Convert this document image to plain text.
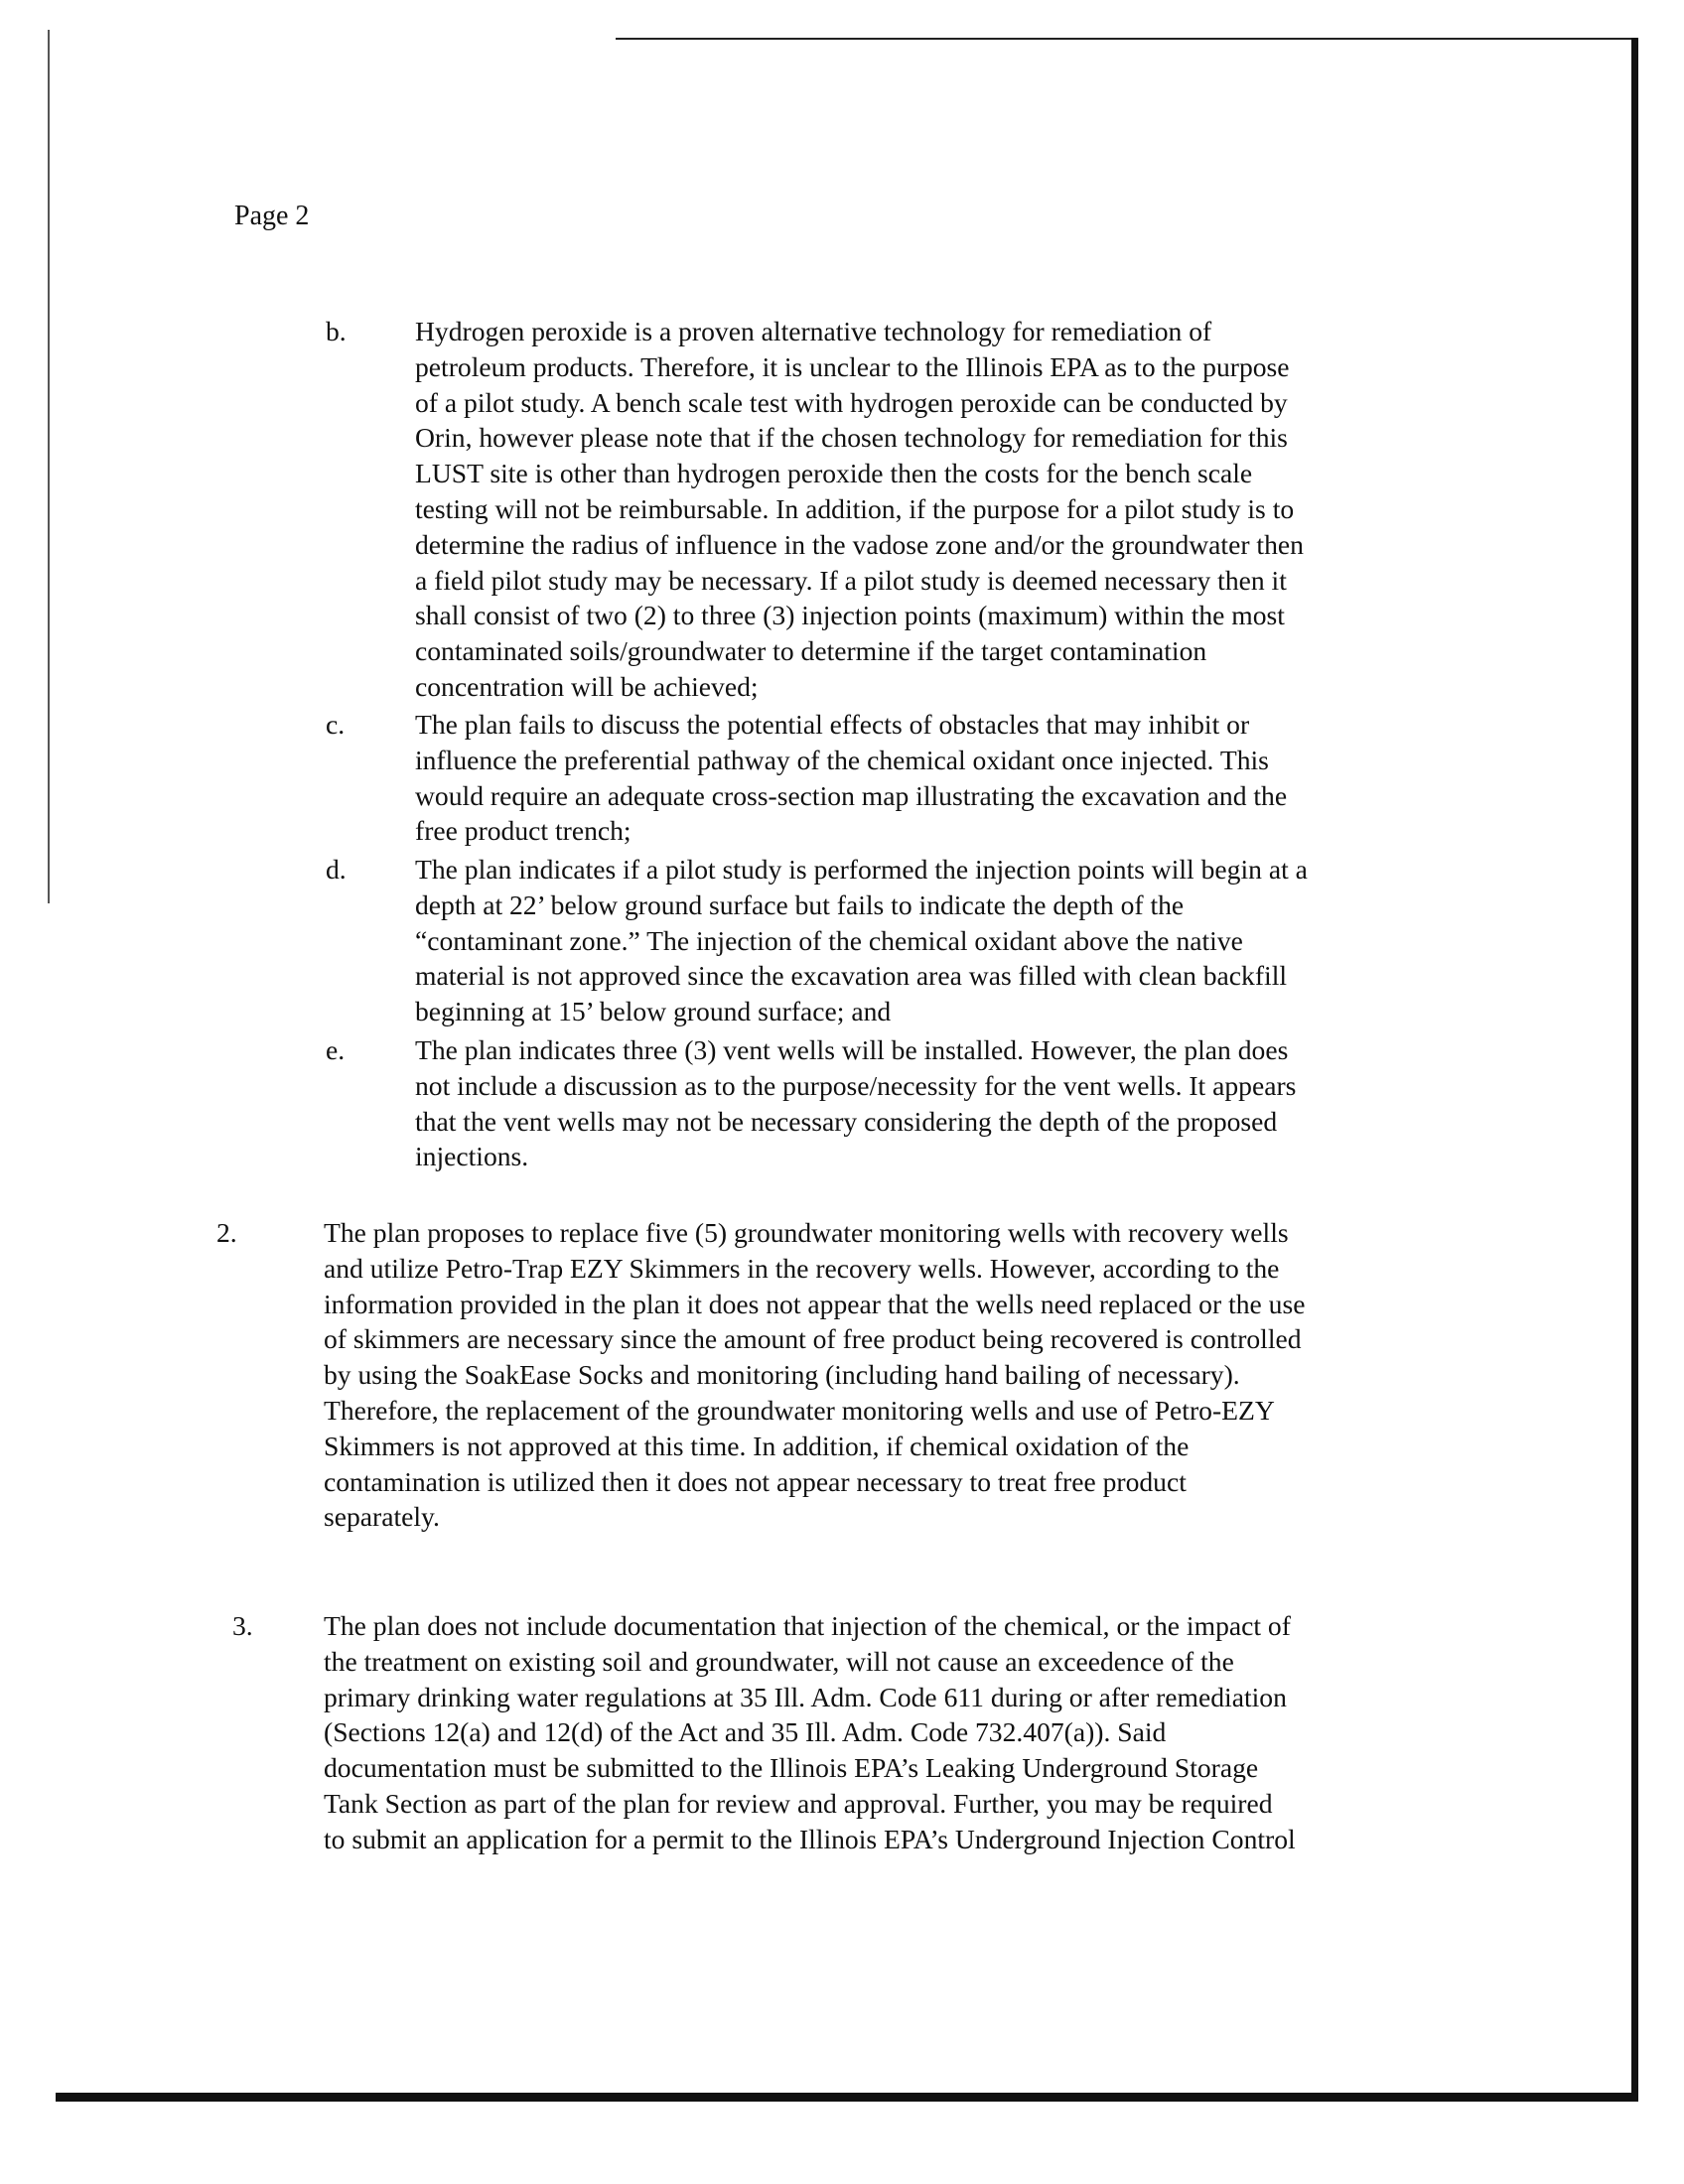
Page 2
b.	Hydrogen peroxide is a proven alternative technology for remediation of
petroleum products. Therefore, it is unclear to the Illinois EPA as to the purpose
of a pilot study. A bench scale test with hydrogen peroxide can be conducted by
Orin, however please note that if the chosen technology for remediation for this
LUST site is other than hydrogen peroxide then the costs for the bench scale
testing will not be reimbursable. In addition, if the purpose for a pilot study is to
determine the radius of influence in the vadose zone and/or the groundwater then
a field pilot study may be necessary. If a pilot study is deemed necessary then it
shall consist of two (2) to three (3) injection points (maximum) within the most
contaminated soils/groundwater to determine if the target contamination
concentration will be achieved;
c.	The plan fails to discuss the potential effects of obstacles that may inhibit or
influence the preferential pathway of the chemical oxidant once injected. This
would require an adequate cross-section map illustrating the excavation and the
free product trench;
d.	The plan indicates if a pilot study is performed the injection points will begin at a
depth at 22’ below ground surface but fails to indicate the depth of the
“contaminant zone.” The injection of the chemical oxidant above the native
material is not approved since the excavation area was filled with clean backfill
beginning at 15’ below ground surface; and
e.	The plan indicates three (3) vent wells will be installed. However, the plan does
not include a discussion as to the purpose/necessity for the vent wells. It appears
that the vent wells may not be necessary considering the depth of the proposed
injections.
2.	The plan proposes to replace five (5) groundwater monitoring wells with recovery wells
and utilize Petro-Trap EZY Skimmers in the recovery wells. However, according to the
information provided in the plan it does not appear that the wells need replaced or the use
of skimmers are necessary since the amount of free product being recovered is controlled
by using the SoakEase Socks and monitoring (including hand bailing of necessary).
Therefore, the replacement of the groundwater monitoring wells and use of Petro-EZY
Skimmers is not approved at this time. In addition, if chemical oxidation of the
contamination is utilized then it does not appear necessary to treat free product
separately.
3.	The plan does not include documentation that injection of the chemical, or the impact of
the treatment on existing soil and groundwater, will not cause an exceedence of the
primary drinking water regulations at 35 Ill. Adm. Code 611 during or after remediation
(Sections 12(a) and 12(d) of the Act and 35 Ill. Adm. Code 732.407(a)). Said
documentation must be submitted to the Illinois EPA’s Leaking Underground Storage
Tank Section as part of the plan for review and approval. Further, you may be required
to submit an application for a permit to the Illinois EPA’s Underground Injection Control
